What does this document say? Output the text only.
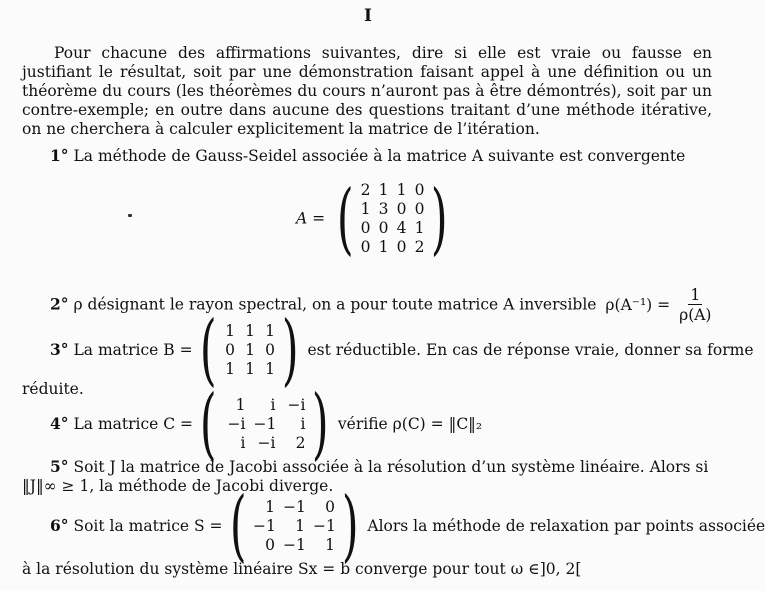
I
Pour chacune des affirmations suivantes, dire si elle est vraie ou fausse en justifiant le résultat, soit par une démonstration faisant appel à une définition ou un théorème du cours (les théorèmes du cours n’auront pas à être démontrés), soit par un contre-exemple; en outre dans aucune des questions traitant d’une méthode itérative, on ne cherchera à calculer explicitement la matrice de l’itération.
1° La méthode de Gauss-Seidel associée à la matrice A suivante est convergente
A = ( 2 1 1 0
1 3 0 0
0 0 4 1
0 1 0 2 )
2° ρ désignant le rayon spectral, on a pour toute matrice A inversible $\rho(A^{-1}) = \frac{1}{\rho(A)}$
3°
La matrice B = ( 1 1 1
0 1 0
1 1 1 ) est réductible. En cas de réponse vraie, donner sa forme
réduite.
4°
La matrice C = (	1	i −i
−i −1	i
i −i	2 ) vérifie ρ(C) = ‖C‖₂
5° Soit J la matrice de Jacobi associée à la résolution d’un système linéaire. Alors si
‖J‖∞ ≥ 1, la méthode de Jacobi diverge.
6°
Soit la matrice S = (	1 −1	0
−1	1 −1
0 −1	1 ) Alors la méthode de relaxation par points associée
à la résolution du système linéaire Sx = b converge pour tout ω ∈]0, 2[
